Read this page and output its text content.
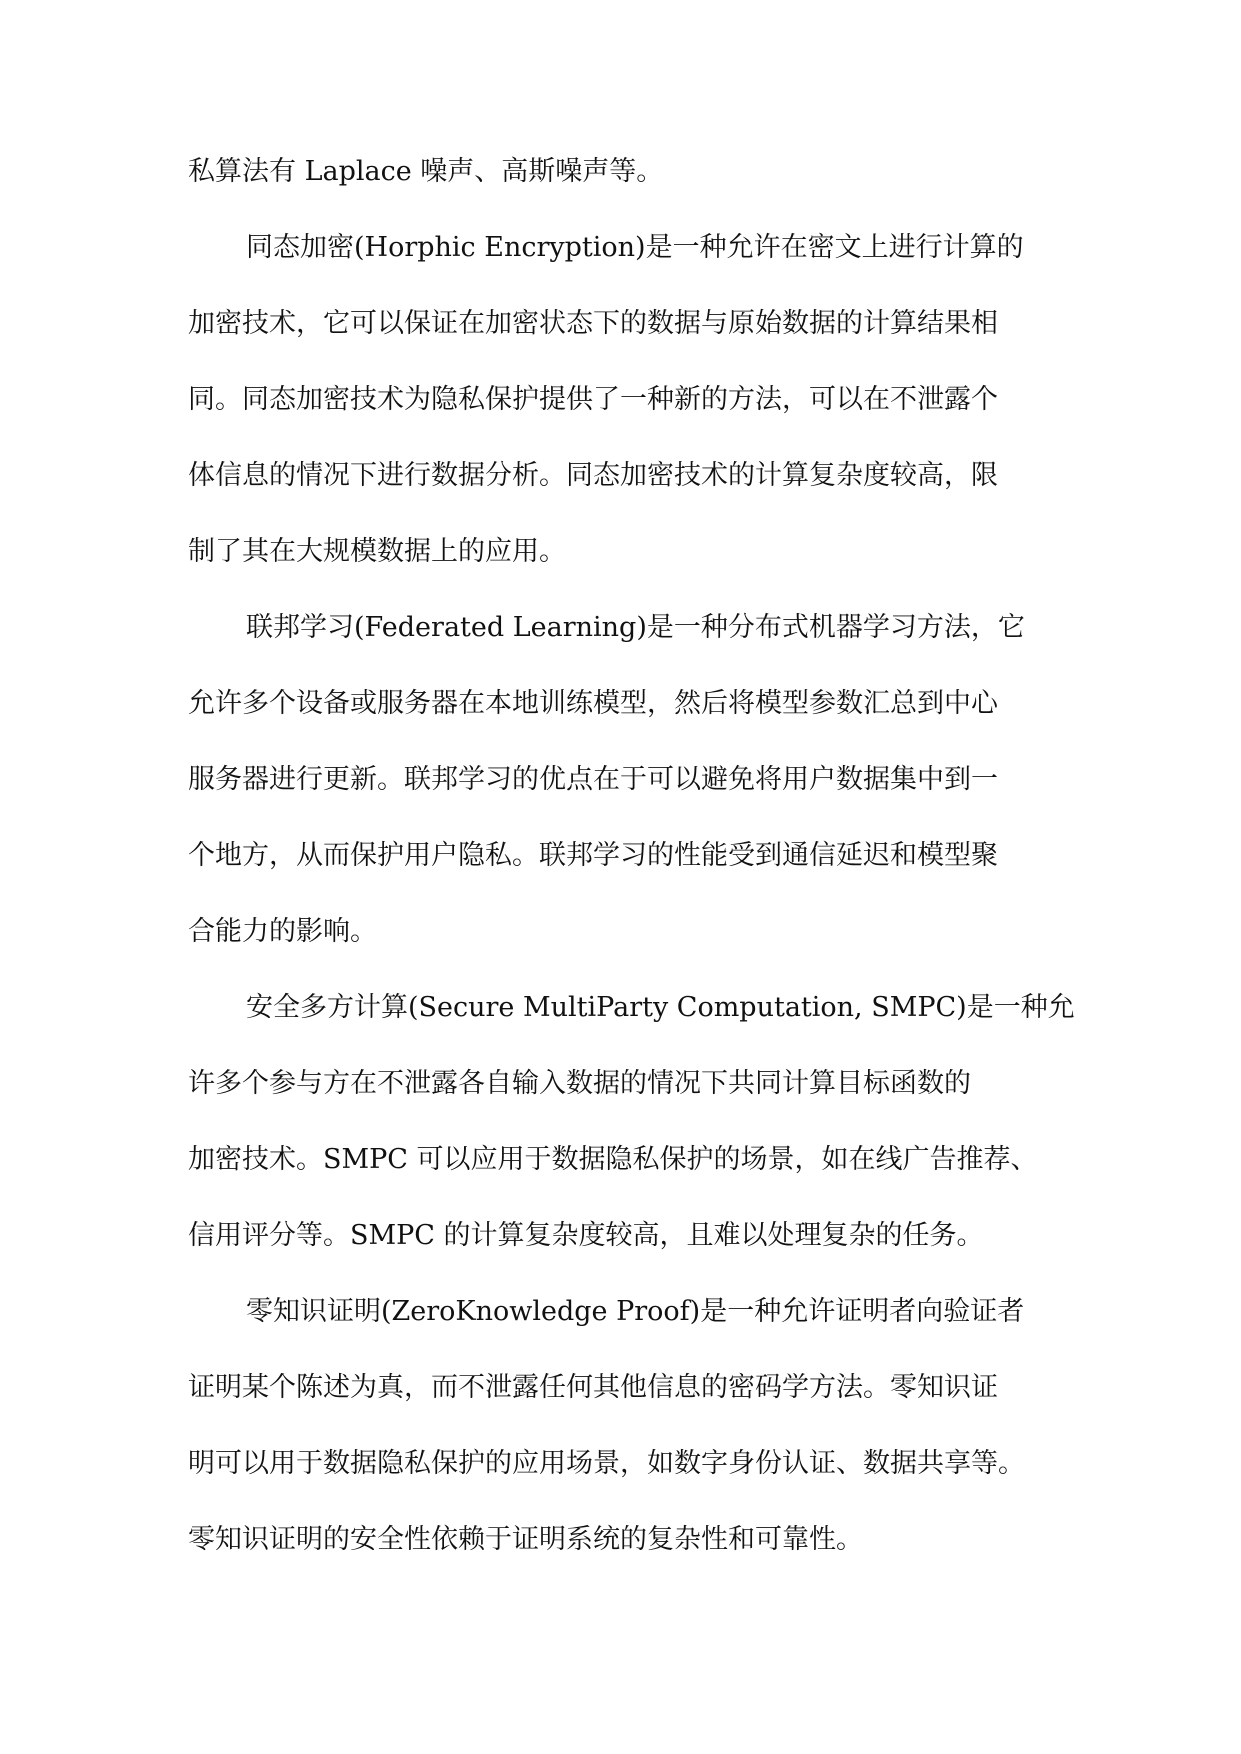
私算法有 Laplace 噪声、高斯噪声等。
同态加密(Horphic Encryption)是一种允许在密文上进行计算的
加密技术，它可以保证在加密状态下的数据与原始数据的计算结果相
同。同态加密技术为隐私保护提供了一种新的方法，可以在不泄露个
体信息的情况下进行数据分析。同态加密技术的计算复杂度较高，限
制了其在大规模数据上的应用。
联邦学习(Federated Learning)是一种分布式机器学习方法，它
允许多个设备或服务器在本地训练模型，然后将模型参数汇总到中心
服务器进行更新。联邦学习的优点在于可以避免将用户数据集中到一
个地方，从而保护用户隐私。联邦学习的性能受到通信延迟和模型聚
合能力的影响。
安全多方计算(Secure MultiParty Computation, SMPC)是一种允
许多个参与方在不泄露各自输入数据的情况下共同计算目标函数的
加密技术。SMPC 可以应用于数据隐私保护的场景，如在线广告推荐、
信用评分等。SMPC 的计算复杂度较高，且难以处理复杂的任务。
零知识证明(ZeroKnowledge Proof)是一种允许证明者向验证者
证明某个陈述为真，而不泄露任何其他信息的密码学方法。零知识证
明可以用于数据隐私保护的应用场景，如数字身份认证、数据共享等。
零知识证明的安全性依赖于证明系统的复杂性和可靠性。
